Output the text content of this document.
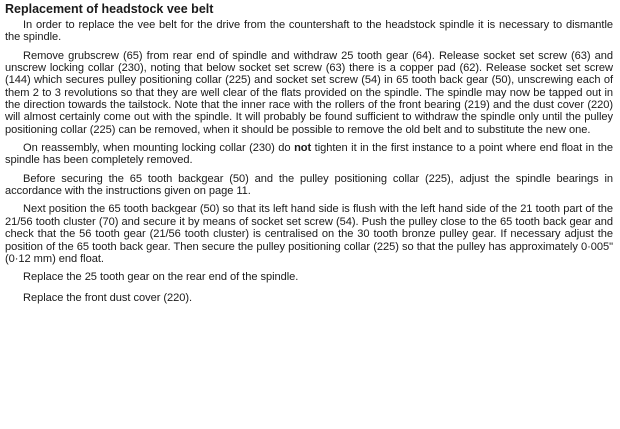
Replacement of headstock vee belt

In order to replace the vee belt for the drive from the countershaft to the headstock spindle it is necessary to dismantle the spindle.

Remove grubscrew (65) from rear end of spindle and withdraw 25 tooth gear (64). Release socket set screw (63) and unscrew locking collar (230), noting that below socket set screw (63) there is a copper pad (62). Release socket set screw (144) which secures pulley positioning collar (225) and socket set screw (54) in 65 tooth back gear (50), unscrewing each of them 2 to 3 revolutions so that they are well clear of the flats provided on the spindle. The spindle may now be tapped out in the direction towards the tailstock. Note that the inner race with the rollers of the front bearing (219) and the dust cover (220) will almost certainly come out with the spindle. It will probably be found sufficient to withdraw the spindle only until the pulley positioning collar (225) can be removed, when it should be possible to remove the old belt and to substitute the new one.

On reassembly, when mounting locking collar (230) do not tighten it in the first instance to a point where end float in the spindle has been completely removed.

Before securing the 65 tooth backgear (50) and the pulley positioning collar (225), adjust the spindle bearings in accordance with the instructions given on page 11.

Next position the 65 tooth backgear (50) so that its left hand side is flush with the left hand side of the 21 tooth part of the 21/56 tooth cluster (70) and secure it by means of socket set screw (54). Push the pulley close to the 65 tooth back gear and check that the 56 tooth gear (21/56 tooth cluster) is centralised on the 30 tooth bronze pulley gear. If necessary adjust the position of the 65 tooth back gear. Then secure the pulley positioning collar (225) so that the pulley has approximately 0·005" (0·12 mm) end float.

Replace the 25 tooth gear on the rear end of the spindle.

Replace the front dust cover (220).
